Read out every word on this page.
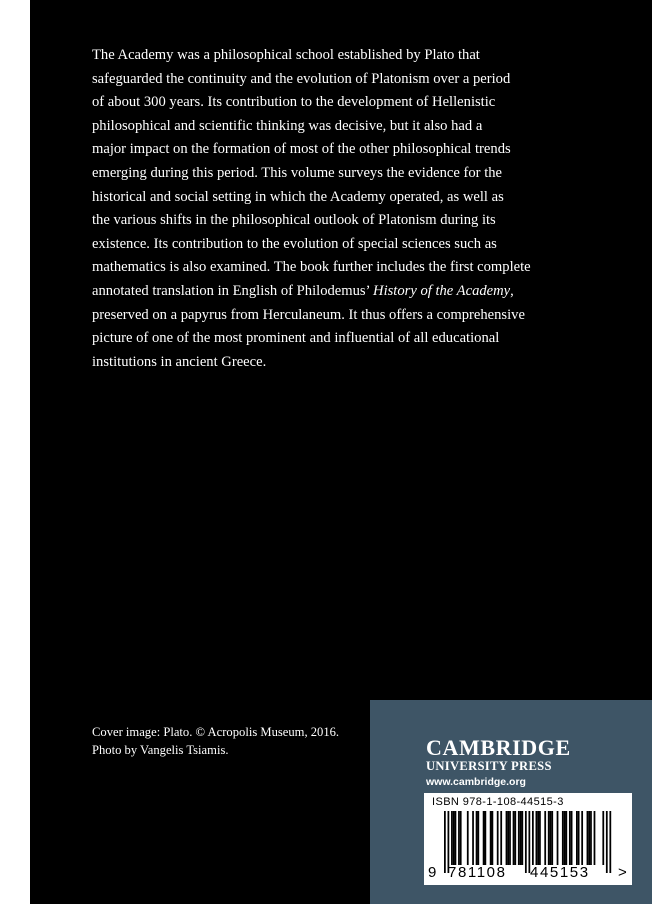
The Academy was a philosophical school established by Plato that
safeguarded the continuity and the evolution of Platonism over a period
of about 300 years. Its contribution to the development of Hellenistic
philosophical and scientific thinking was decisive, but it also had a
major impact on the formation of most of the other philosophical trends
emerging during this period. This volume surveys the evidence for the
historical and social setting in which the Academy operated, as well as
the various shifts in the philosophical outlook of Platonism during its
existence. Its contribution to the evolution of special sciences such as
mathematics is also examined. The book further includes the first complete
annotated translation in English of Philodemus’ History of the Academy,
preserved on a papyrus from Herculaneum. It thus offers a comprehensive
picture of one of the most prominent and influential of all educational
institutions in ancient Greece.
Cover image: Plato. © Acropolis Museum, 2016.
Photo by Vangelis Tsiamis.	CAMBRIDGE
UNIVERSITY PRESS
www.cambridge.org
ISBN 978-1-108-44515-3
9 781108 445153 >
